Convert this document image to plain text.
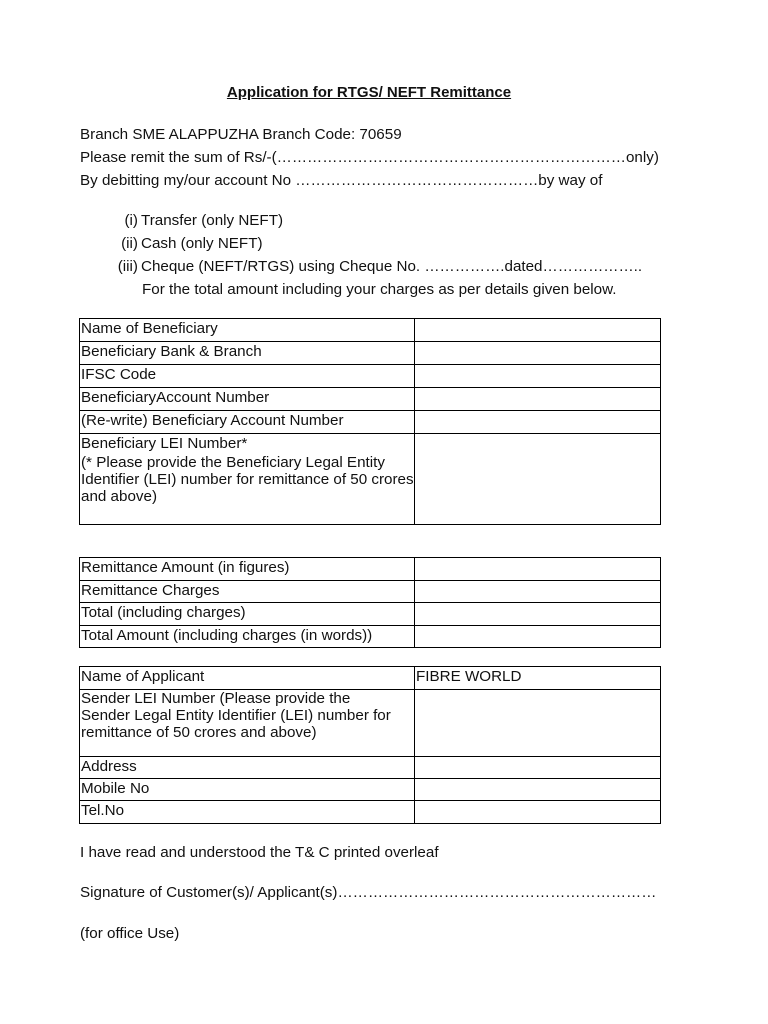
Application for RTGS/ NEFT Remittance
Branch SME ALAPPUZHA Branch Code: 70659
Please remit the sum of Rs/-(……………………………………………………………only)
By debitting my/our account No …………………………………………by way of
(i) Transfer (only NEFT)
(ii) Cash (only NEFT)
(iii) Cheque (NEFT/RTGS) using Cheque No. …………….dated………………..
For the total amount including your charges as per details given below.
Name of Beneficiary	
Beneficiary Bank & Branch	
IFSC Code	
BeneficiaryAccount Number	
(Re-write) Beneficiary Account Number	

Beneficiary LEI Number*
(* Please provide the Beneficiary Legal Entity Identifier (LEI) number for remittance of 50 crores and above)	

Remittance Amount (in figures)	
Remittance Charges	
Total (including charges)	
Total Amount (including charges (in words))	
Name of Applicant	FIBRE WORLD
Sender LEI Number (Please provide the Sender Legal Entity Identifier (LEI) number for remittance of 50 crores and above)	
Address	
Mobile No	
Tel.No	
I have read and understood the T& C printed overleaf
Signature of Customer(s)/ Applicant(s)………………………………………………………
(for office Use)
